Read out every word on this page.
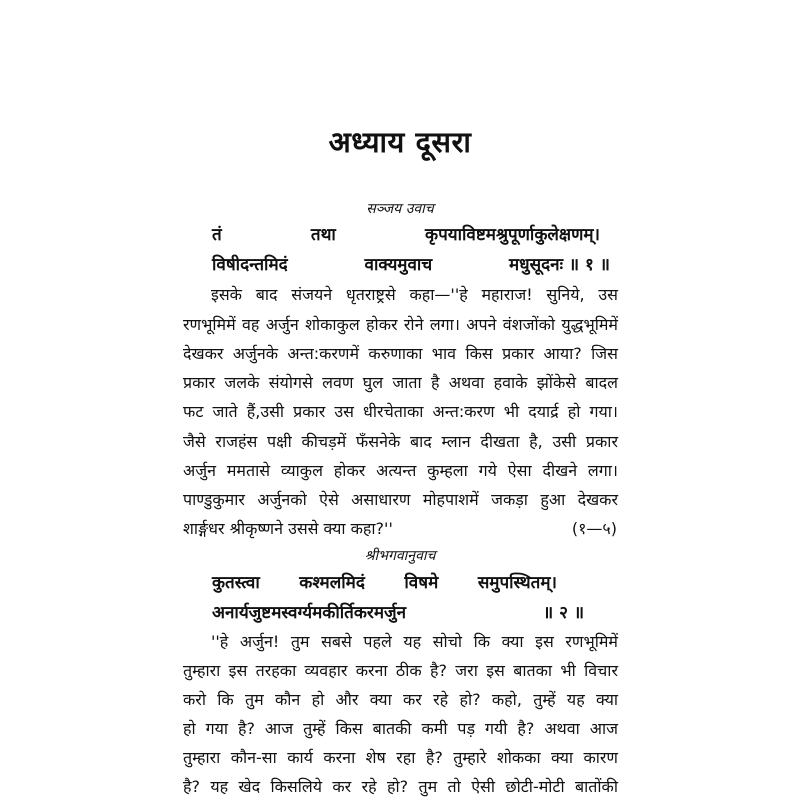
अध्याय दूसरा
सञ्जय उवाच
तं	तथा	कृपयाविष्टमश्रुपूर्णाकुलेक्षणम्।
विषीदन्तमिदं	वाक्यमुवाच	मधुसूदनः ॥ १ ॥
इसके बाद संजयने धृतराष्ट्रसे कहा—''हे महाराज! सुनिये, उस
रणभूमिमें वह अर्जुन शोकाकुल होकर रोने लगा। अपने वंशजोंको युद्धभूमिमें
देखकर अर्जुनके अन्त:करणमें करुणाका भाव किस प्रकार आया? जिस
प्रकार जलके संयोगसे लवण घुल जाता है अथवा हवाके झोंकेसे बादल
फट जाते हैं,उसी प्रकार उस धीरचेताका अन्त:करण भी दयार्द्र हो गया।
जैसे राजहंस पक्षी कीचड़में फँसनेके बाद म्लान दीखता है, उसी प्रकार
अर्जुन ममतासे व्याकुल होकर अत्यन्त कुम्हला गये ऐसा दीखने लगा।
पाण्डुकुमार अर्जुनको ऐसे असाधारण मोहपाशमें जकड़ा हुआ देखकर
शार्ङ्गधर श्रीकृष्णने उससे क्या कहा?''	(१—५)
श्रीभगवानुवाच
कुतस्त्वा कश्मलमिदं विषमे समुपस्थितम्।
अनार्यजुष्टमस्वर्ग्यमकीर्तिकरमर्जुन	॥ २ ॥
''हे अर्जुन! तुम सबसे पहले यह सोचो कि क्या इस रणभूमिमें
तुम्हारा इस तरहका व्यवहार करना ठीक है? जरा इस बातका भी विचार
करो कि तुम कौन हो और क्या कर रहे हो? कहो, तुम्हें यह क्या
हो गया है? आज तुम्हें किस बातकी कमी पड़ गयी है? अथवा आज
तुम्हारा कौन-सा कार्य करना शेष रहा है? तुम्हारे शोकका क्या कारण
है? यह खेद किसलिये कर रहे हो? तुम तो ऐसी छोटी-मोटी बातोंकी
